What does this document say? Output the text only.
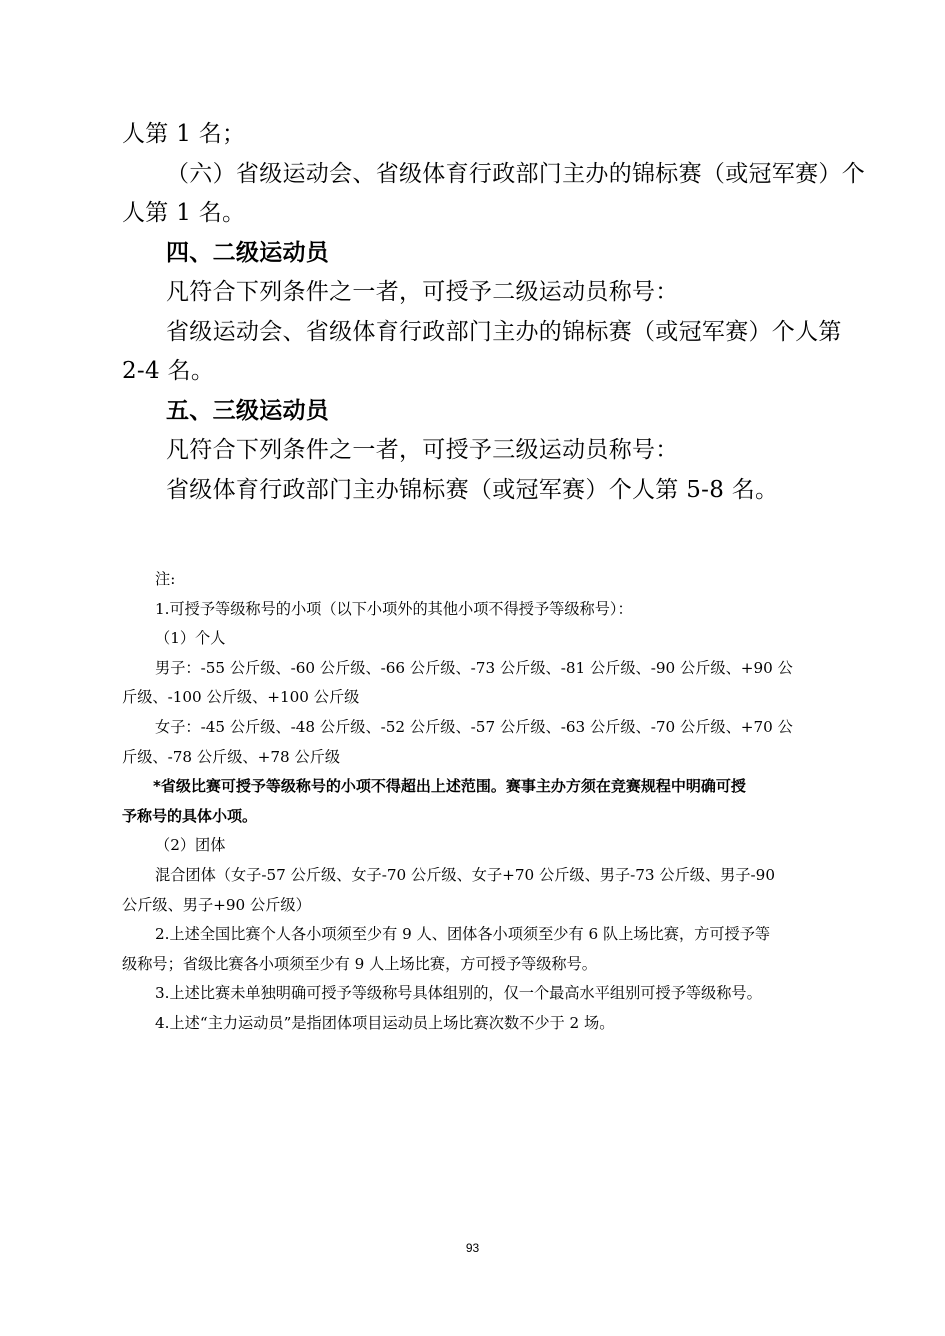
人第 1 名；

（六）省级运动会、省级体育行政部门主办的锦标赛（或冠军赛）个

人第 1 名。

四、二级运动员

凡符合下列条件之一者，可授予二级运动员称号：

省级运动会、省级体育行政部门主办的锦标赛（或冠军赛）个人第

2-4 名。

五、三级运动员

凡符合下列条件之一者，可授予三级运动员称号：

省级体育行政部门主办锦标赛（或冠军赛）个人第 5-8 名。

注:

1.可授予等级称号的小项（以下小项外的其他小项不得授予等级称号）：

（1）个人

男子：-55 公斤级、-60 公斤级、-66 公斤级、-73 公斤级、-81 公斤级、-90 公斤级、+90 公

斤级、-100 公斤级、+100 公斤级

女子：-45 公斤级、-48 公斤级、-52 公斤级、-57 公斤级、-63 公斤级、-70 公斤级、+70 公

斤级、-78 公斤级、+78 公斤级

*省级比赛可授予等级称号的小项不得超出上述范围。赛事主办方须在竞赛规程中明确可授

予称号的具体小项。

（2）团体

混合团体（女子-57 公斤级、女子-70 公斤级、女子+70 公斤级、男子-73 公斤级、男子-90

公斤级、男子+90 公斤级）

2.上述全国比赛个人各小项须至少有 9 人、团体各小项须至少有 6 队上场比赛，方可授予等

级称号；省级比赛各小项须至少有 9 人上场比赛，方可授予等级称号。

3.上述比赛未单独明确可授予等级称号具体组别的，仅一个最高水平组别可授予等级称号。

4.上述“主力运动员”是指团体项目运动员上场比赛次数不少于 2 场。

93
